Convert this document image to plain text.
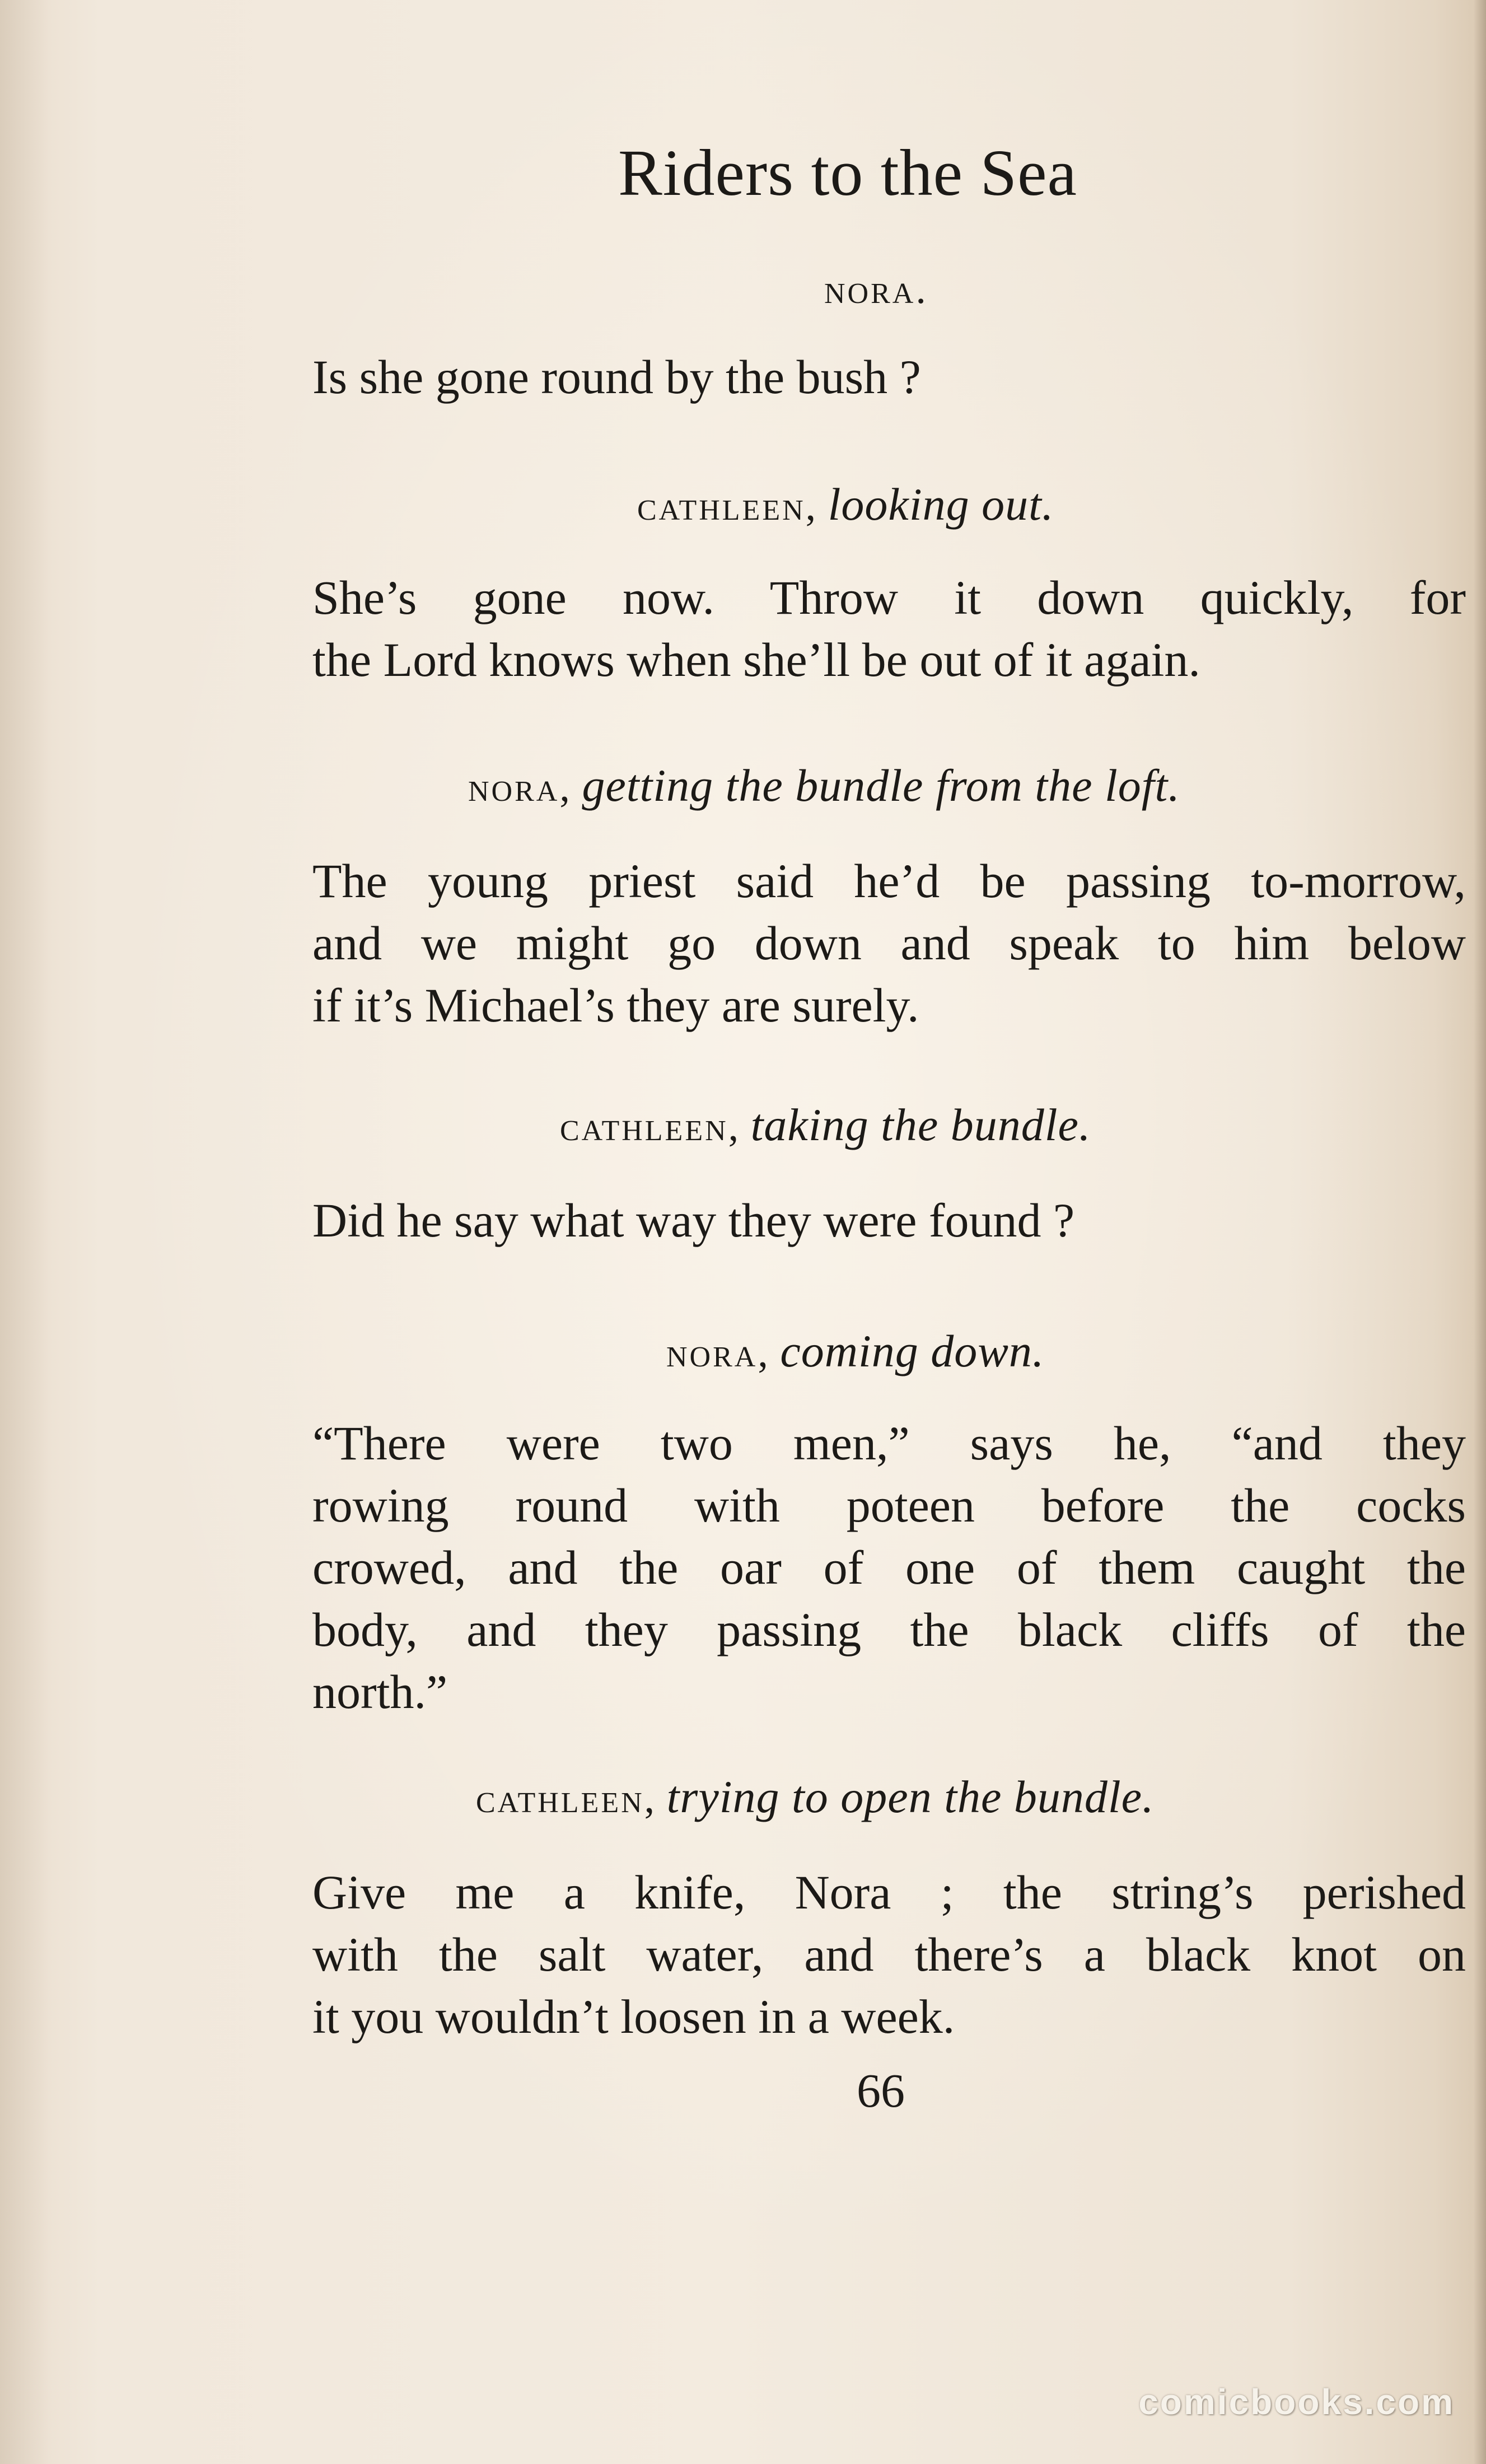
Riders to the Sea
nora.
Is she gone round by the bush ?
cathleen, looking out.
She’s gone now. Throw it down quickly, for
the Lord knows when she’ll be out of it again.
nora, getting the bundle from the loft.
The young priest said he’d be passing to-morrow,
and we might go down and speak to him below
if it’s Michael’s they are surely.
cathleen, taking the bundle.
Did he say what way they were found ?
nora, coming down.
“There were two men,” says he, “and they
rowing round with poteen before the cocks
crowed, and the oar of one of them caught the
body, and they passing the black cliffs of the
north.”
cathleen, trying to open the bundle.
Give me a knife, Nora ; the string’s perished
with the salt water, and there’s a black knot on
it you wouldn’t loosen in a week.
66
comicbooks.com
